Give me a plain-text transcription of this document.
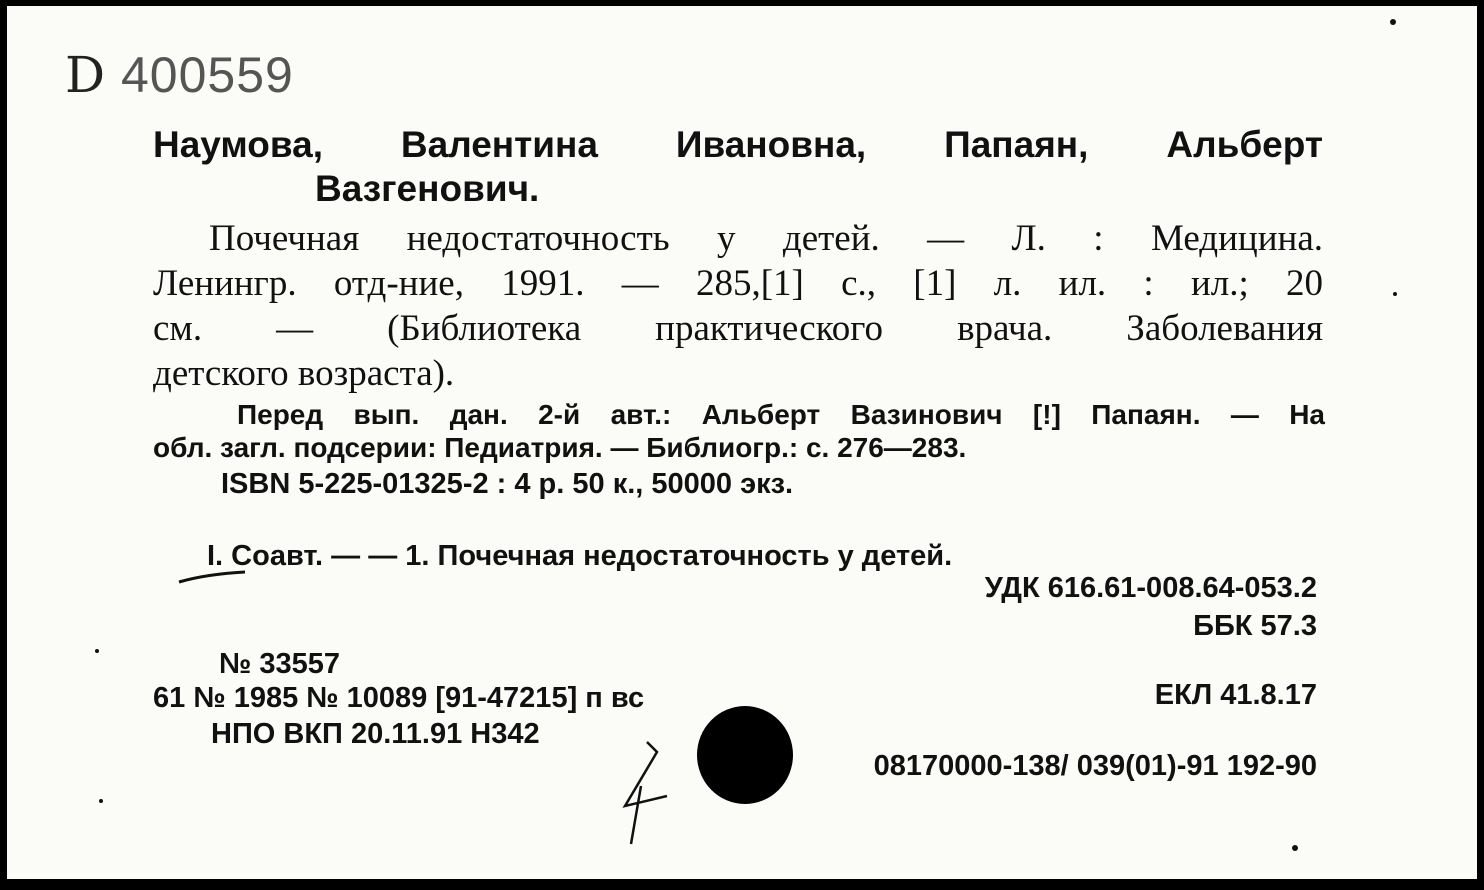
D 400559
Наумова, Валентина Ивановна, Папаян, Альберт
Вазгенович.
Почечная недостаточность у детей. — Л. : Медицина.
Ленингр. отд-ние, 1991. — 285,[1] с., [1] л. ил. : ил.; 20
см. — (Библиотека практического врача. Заболевания
детского возраста).
Перед вып. дан. 2-й авт.: Альберт Вазинович [!] Папаян. — На
обл. загл. подсерии: Педиатрия. — Библиогр.: с. 276—283.
ISBN 5-225-01325-2 : 4 р. 50 к., 50000 экз.
I. Соавт. — — 1. Почечная недостаточность у детей.
УДК 616.61-008.64-053.2
ББК 57.3
№ 33557
61 № 1985 № 10089 [91-47215] п вс
НПО ВКП 20.11.91 Н342
ЕКЛ 41.8.17
08170000-138/ 039(01)-91 192-90
